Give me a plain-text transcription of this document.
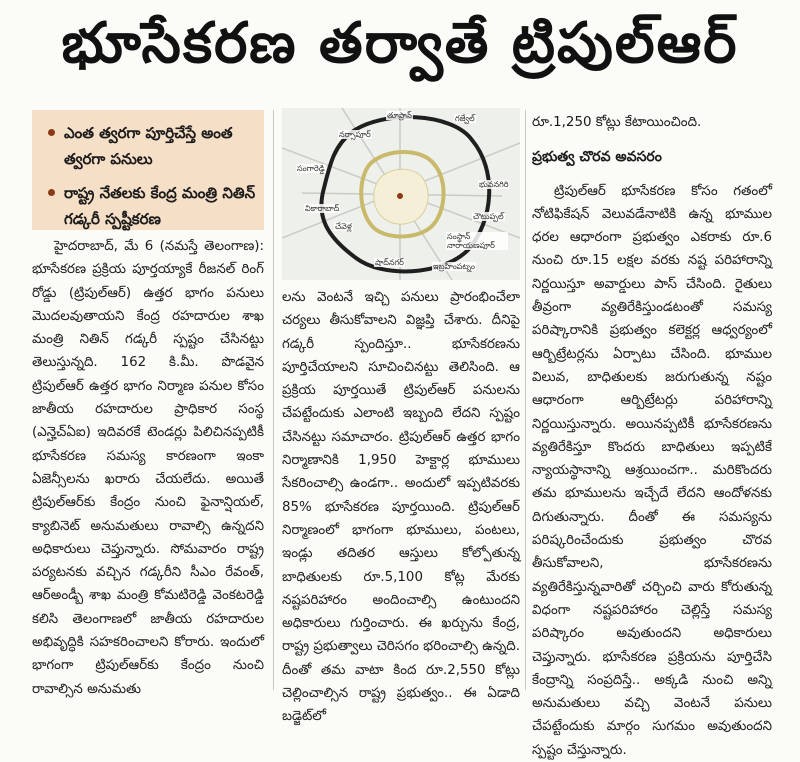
భూసేకరణ తర్వాతే ట్రిపుల్‌ఆర్
ఎంత త్వరగా పూర్తిచేస్తే అంత త్వరగా పనులు
రాష్ట్ర నేతలకు కేంద్ర మంత్రి నితిన్ గడ్కరీ స్పష్టీకరణ
నర్సాపూర్
తూప్రాన్	గజ్వేల్
సంగారెడ్డి
భువనగిరి
వికారాబాద్
చేవెళ్ల
చౌటుప్పల్
సంస్థాన్ నారాయణపూర్
ఇబ్రహీంపట్నం
షాద్‌నగర్

హైదరాబాద్, మే 6 (నమస్తే తెలంగాణ): భూసేకరణ ప్రక్రియ పూర్తయ్యాకే రీజనల్ రింగ్ రోడ్డు (ట్రిపుల్ఆర్) ఉత్తర భాగం పనులు మొదలవుతాయని కేంద్ర రహదారుల శాఖ మంత్రి నితిన్ గడ్కరీ స్పష్టం చేసినట్టు తెలుస్తున్నది. 162 కి.మీ. పొడవైన ట్రిపుల్ఆర్ ఉత్తర భాగం నిర్మాణ పనుల కోసం జాతీయ రహదారుల ప్రాధికార సంస్థ (ఎన్హెచ్ఏఐ) ఇదివరకే టెండర్లు పిలిచినప్పటికీ భూసేకరణ సమస్య కారణంగా ఇంకా ఏజెన్సీలను ఖరారు చేయలేదు. అయితే ట్రిపుల్ఆర్‌కు కేంద్రం నుంచి ఫైనాన్షియల్, క్యాబినెట్ అనుమతులు రావాల్సి ఉన్నదని అధికారులు చెప్తున్నారు. సోమవారం రాష్ట్ర పర్యటనకు వచ్చిన గడ్కరీని సీఎం రేవంత్, ఆర్అండ్బీ శాఖ మంత్రి కోమటిరెడ్డి వెంకటరెడ్డి కలిసి తెలంగాణలో జాతీయ రహదారుల అభివృద్ధికి సహకరించాలని కోరారు. ఇందులో భాగంగా ట్రిపుల్ఆర్‌కు కేంద్రం నుంచి రావాల్సిన అనుమతు

లను వెంటనే ఇచ్చి పనులు ప్రారంభించేలా చర్యలు తీసుకోవాలని విజ్ఞప్తి చేశారు. దీనిపై గడ్కరీ స్పందిస్తూ.. భూసేకరణను పూర్తిచేయాలని సూచించినట్టు తెలిసింది. ఆ ప్రక్రియ పూర్తయితే ట్రిపుల్ఆర్ పనులను చేపట్టేందుకు ఎలాంటి ఇబ్బంది లేదని స్పష్టం చేసినట్టు సమాచారం. ట్రిపుల్ఆర్ ఉత్తర భాగం నిర్మాణానికి 1,950 హెక్టార్ల భూములు సేకరించాల్సి ఉండగా.. అందులో ఇప్పటివరకు 85% భూసేకరణ పూర్తయింది. ట్రిపుల్ఆర్ నిర్మాణంలో భాగంగా భూములు, పంటలు, ఇండ్లు తదితర ఆస్తులు కోల్పోతున్న బాధితులకు రూ.5,100 కోట్ల మేరకు నష్టపరిహారం అందించాల్సి ఉంటుందని అధికారులు గుర్తించారు. ఈ ఖర్చును కేంద్ర, రాష్ట్ర ప్రభుత్వాలు చెరిసగం భరించాల్సి ఉన్నది. దీంతో తమ వాటా కింద రూ.2,550 కోట్లు చెల్లించాల్సిన రాష్ట్ర ప్రభుత్వం.. ఈ ఏడాది బడ్జెట్‌లో

రూ.1,250 కోట్లు కేటాయించింది.

ప్రభుత్వ చొరవ అవసరం

ట్రిపుల్ఆర్ భూసేకరణ కోసం గతంలో నోటిఫికేషన్ వెలువడేనాటికి ఉన్న భూముల ధరల ఆధారంగా ప్రభుత్వం ఎకరాకు రూ.6 నుంచి రూ.15 లక్షల వరకు నష్ట పరిహారాన్ని నిర్ణయిస్తూ అవార్డులు పాస్ చేసింది. రైతులు తీవ్రంగా వ్యతిరేకిస్తుండటంతో సమస్య పరిష్కారానికి ప్రభుత్వం కలెక్టర్ల ఆధ్వర్యంలో ఆర్బిట్రేటర్లను ఏర్పాటు చేసింది. భూముల విలువ, బాధితులకు జరుగుతున్న నష్టం ఆధారంగా ఆర్బిట్రేటర్లు పరిహారాన్ని నిర్ణయిస్తున్నారు. అయినప్పటికీ భూసేకరణను వ్యతిరేకిస్తూ కొందరు బాధితులు ఇప్పటికే న్యాయస్థానాన్ని ఆశ్రయించగా.. మరికొందరు తమ భూములను ఇచ్చేదే లేదని ఆందోళనకు దిగుతున్నారు. దీంతో ఈ సమస్యను పరిష్కరించేందుకు ప్రభుత్వం చొరవ తీసుకోవాలని, భూసేకరణను వ్యతిరేకిస్తున్నవారితో చర్చించి వారు కోరుతున్న విధంగా నష్టపరిహారం చెల్లిస్తే సమస్య పరిష్కారం అవుతుందని అధికారులు చెప్తున్నారు. భూసేకరణ ప్రక్రియను పూర్తిచేసి కేంద్రాన్ని సంప్రదిస్తే.. అక్కడి నుంచి అన్ని అనుమతులు వచ్చి వెంటనే పనులు చేపట్టేందుకు మార్గం సుగమం అవుతుందని స్పష్టం చేస్తున్నారు.
